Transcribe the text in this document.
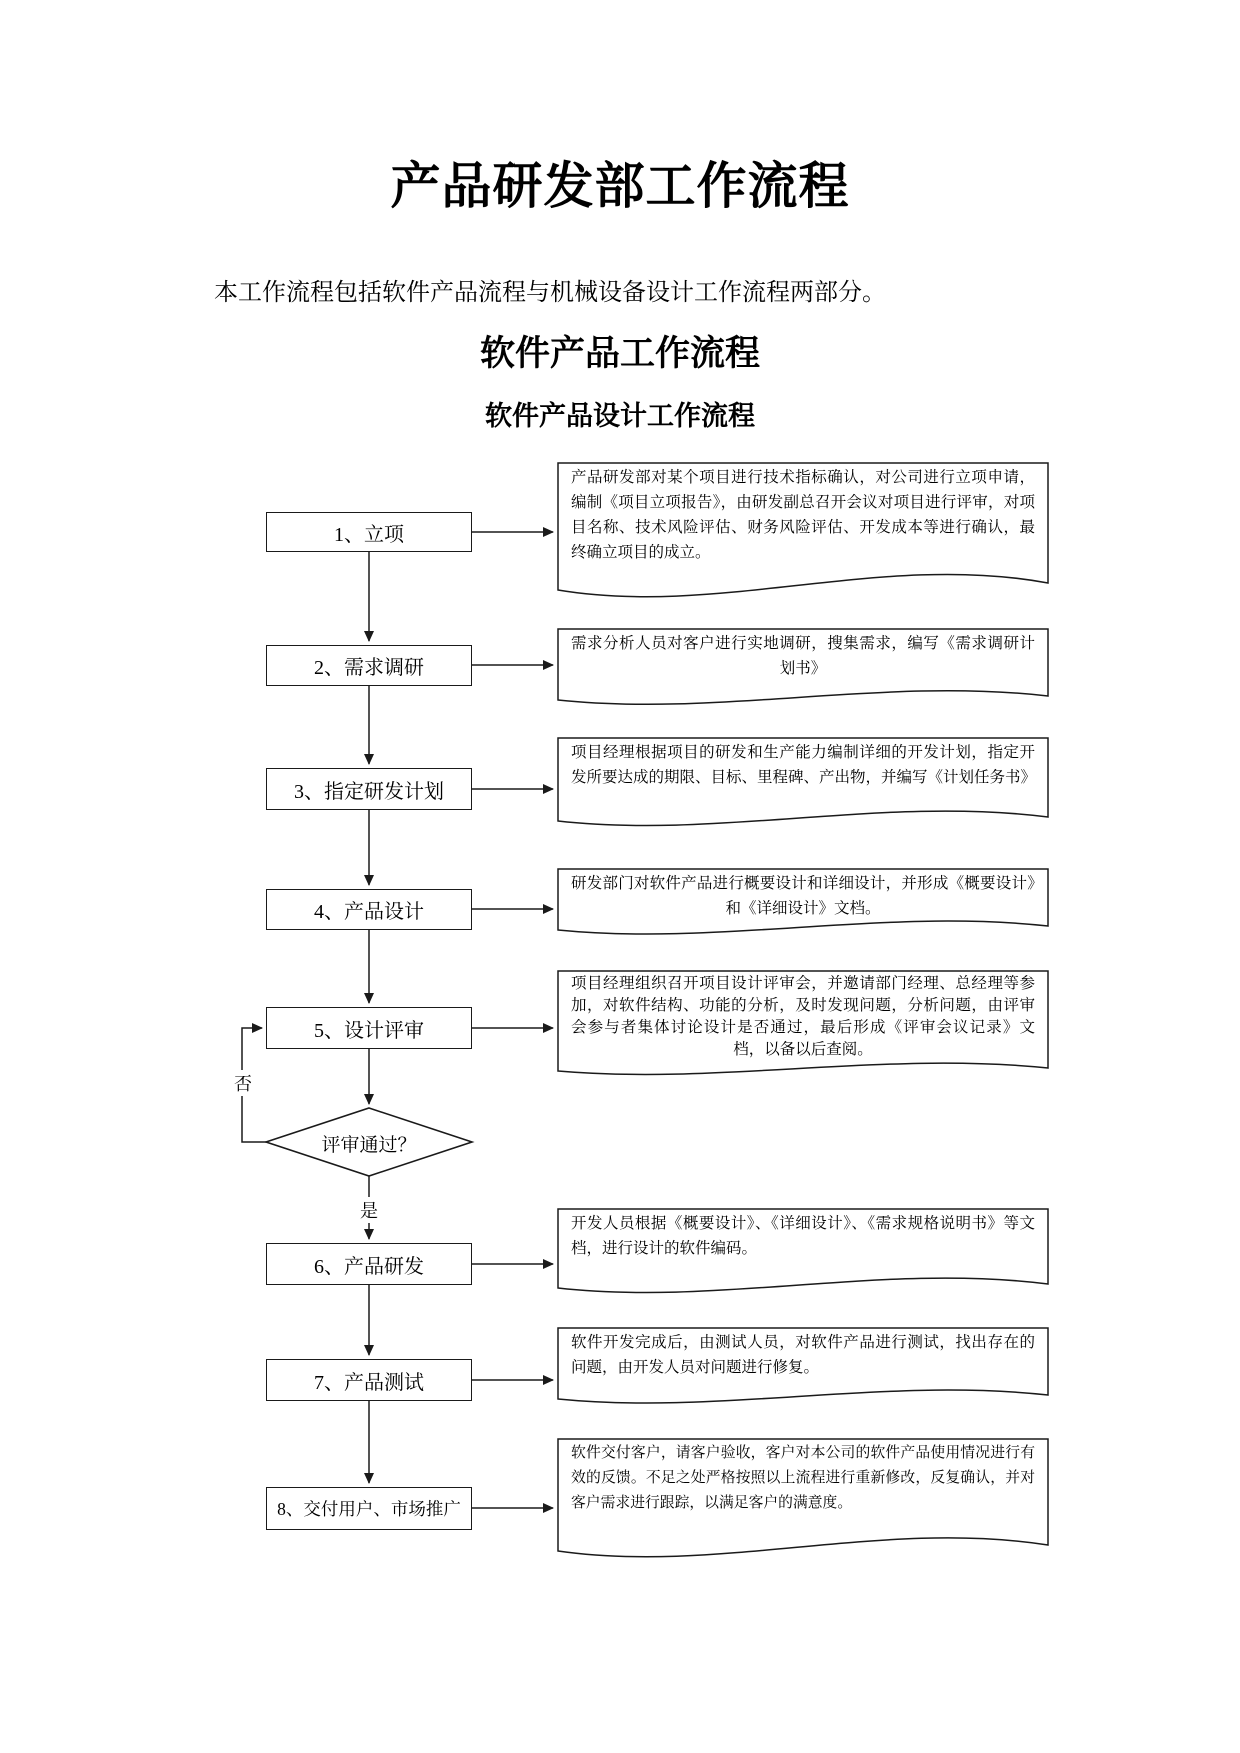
产品研发部工作流程
本工作流程包括软件产品流程与机械设备设计工作流程两部分。
软件产品工作流程
软件产品设计工作流程
1、立项
2、需求调研
3、指定研发计划
4、产品设计
5、设计评审
6、产品研发
7、产品测试
8、交付用户、市场推广
产品研发部对某个项目进行技术指标确认，对公司进行立项申请，编制《项目立项报告》，由研发副总召开会议对项目进行评审，对项目名称、技术风险评估、财务风险评估、开发成本等进行确认，最终确立项目的成立。
需求分析人员对客户进行实地调研，搜集需求，编写《需求调研计划书》
项目经理根据项目的研发和生产能力编制详细的开发计划，指定开发所要达成的期限、目标、里程碑、产出物，并编写《计划任务书》
研发部门对软件产品进行概要设计和详细设计，并形成《概要设计》和《详细设计》文档。
项目经理组织召开项目设计评审会，并邀请部门经理、总经理等参加，对软件结构、功能的分析，及时发现问题，分析问题，由评审会参与者集体讨论设计是否通过，最后形成《评审会议记录》文档，以备以后查阅。
开发人员根据《概要设计》、《详细设计》、《需求规格说明书》等文档，进行设计的软件编码。
软件开发完成后，由测试人员，对软件产品进行测试，找出存在的问题，由开发人员对问题进行修复。
软件交付客户，请客户验收，客户对本公司的软件产品使用情况进行有效的反馈。不足之处严格按照以上流程进行重新修改，反复确认，并对客户需求进行跟踪，以满足客户的满意度。
评审通过？
否
是
